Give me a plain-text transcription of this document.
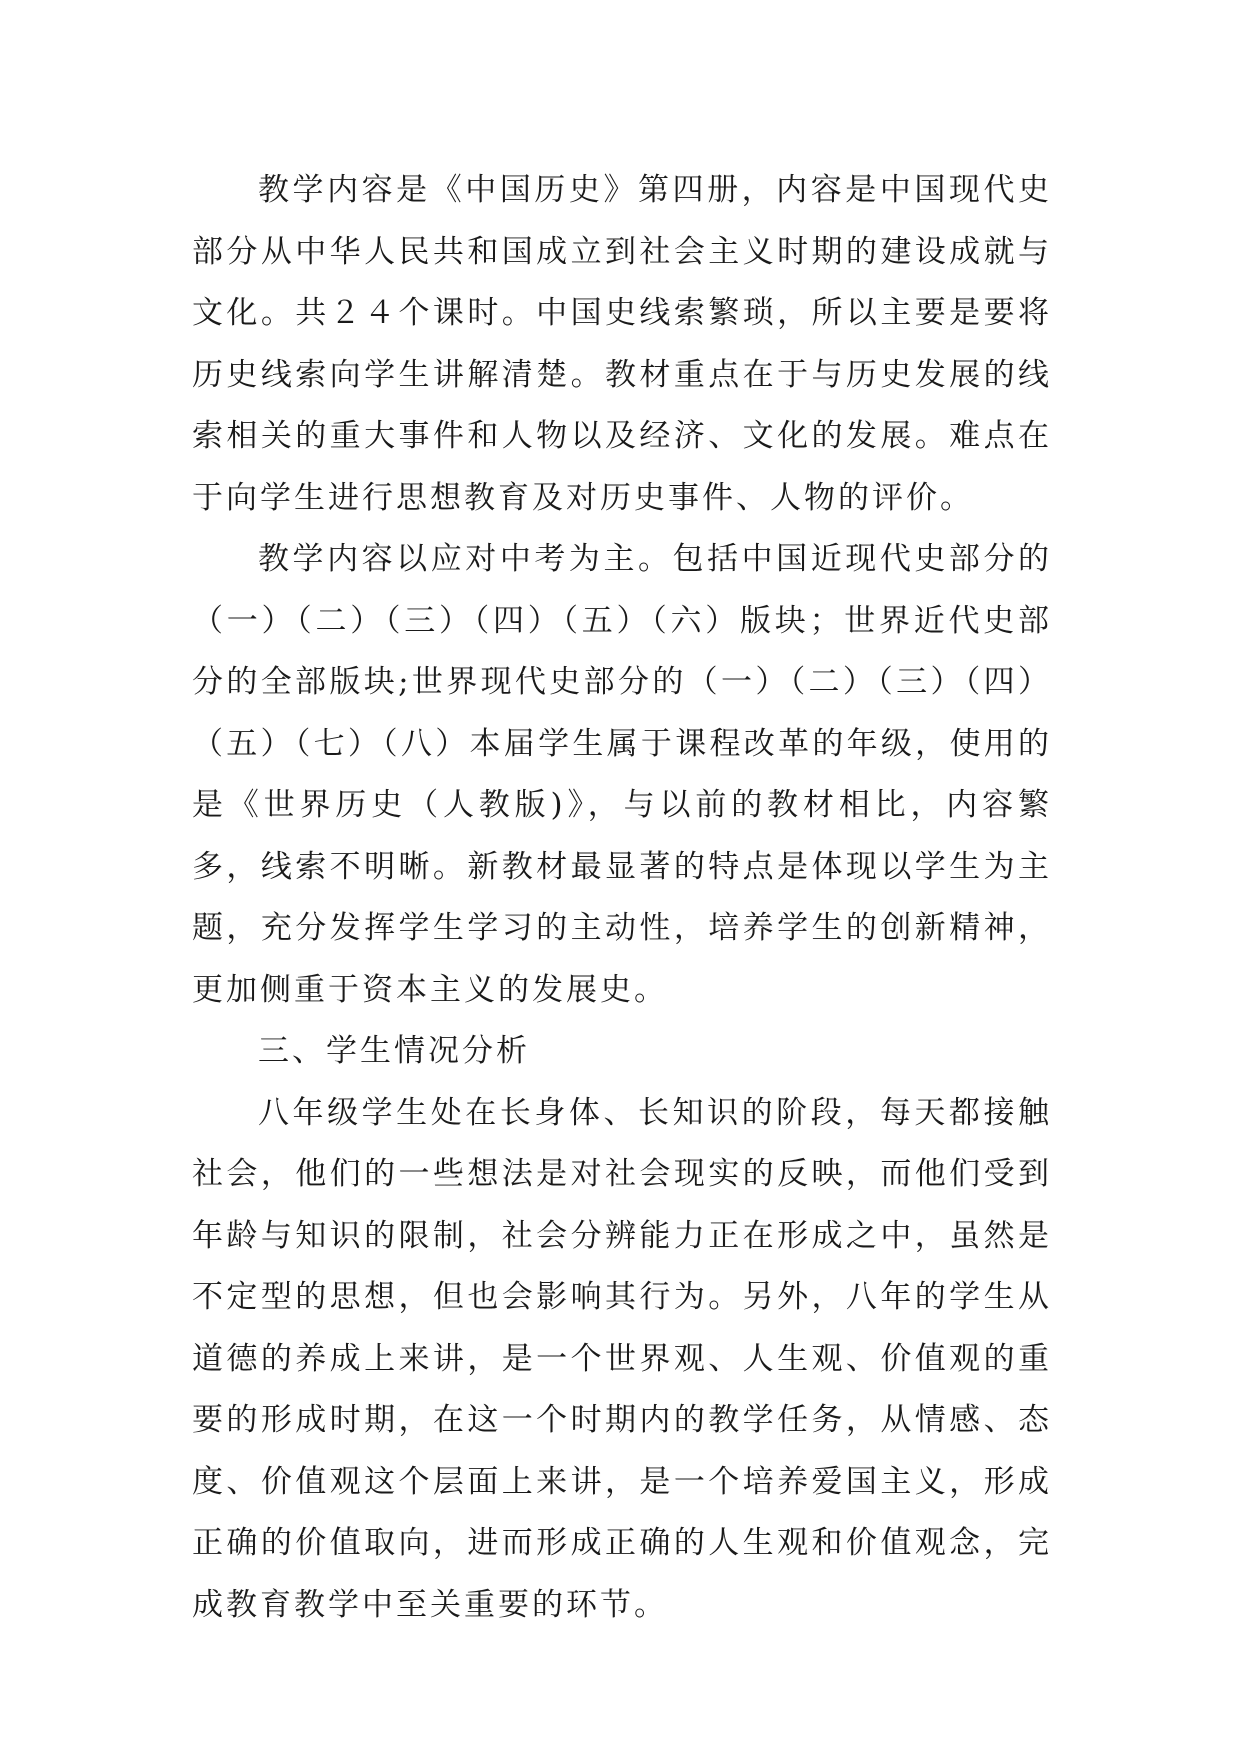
教学内容是《中国历史》第四册，内容是中国现代史部分从中华人民共和国成立到社会主义时期的建设成就与文化。共２４个课时。中国史线索繁琐，所以主要是要将历史线索向学生讲解清楚。教材重点在于与历史发展的线索相关的重大事件和人物以及经济、文化的发展。难点在于向学生进行思想教育及对历史事件、人物的评价。

教学内容以应对中考为主。包括中国近现代史部分的（一）（二）（三）（四）（五）（六）版块；世界近代史部分的全部版块;世界现代史部分的（一）（二）（三）（四）（五）（七）（八）本届学生属于课程改革的年级，使用的是《世界历史（人教版)》，与以前的教材相比，内容繁多，线索不明晰。新教材最显著的特点是体现以学生为主题，充分发挥学生学习的主动性，培养学生的创新精神，更加侧重于资本主义的发展史。

三、学生情况分析

八年级学生处在长身体、长知识的阶段，每天都接触社会，他们的一些想法是对社会现实的反映，而他们受到年龄与知识的限制，社会分辨能力正在形成之中，虽然是不定型的思想，但也会影响其行为。另外，八年的学生从道德的养成上来讲，是一个世界观、人生观、价值观的重要的形成时期，在这一个时期内的教学任务，从情感、态度、价值观这个层面上来讲，是一个培养爱国主义，形成正确的价值取向，进而形成正确的人生观和价值观念，完成教育教学中至关重要的环节。
